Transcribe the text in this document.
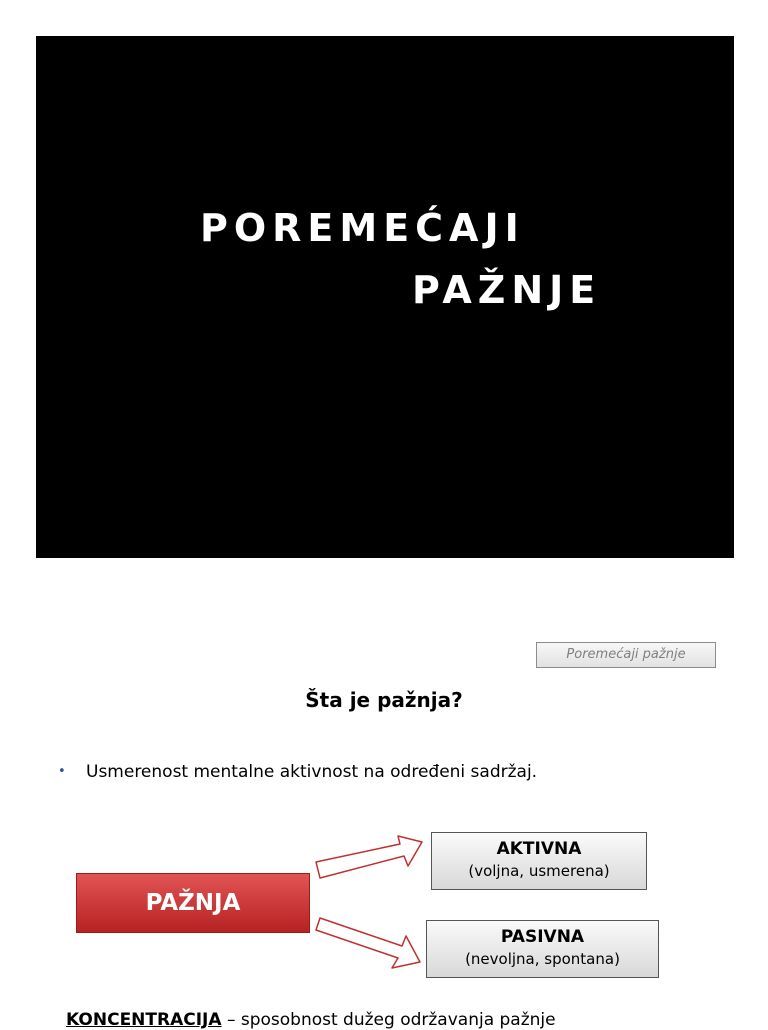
POREMEĆAJI
PAŽNJE
Poremećaji pažnje
Šta je pažnja?
• Usmerenost mentalne aktivnost na određeni sadržaj.
PAŽNJA
AKTIVNA
(voljna, usmerena)
PASIVNA
(nevoljna, spontana)
KONCENTRACIJA – sposobnost dužeg održavanja pažnje
